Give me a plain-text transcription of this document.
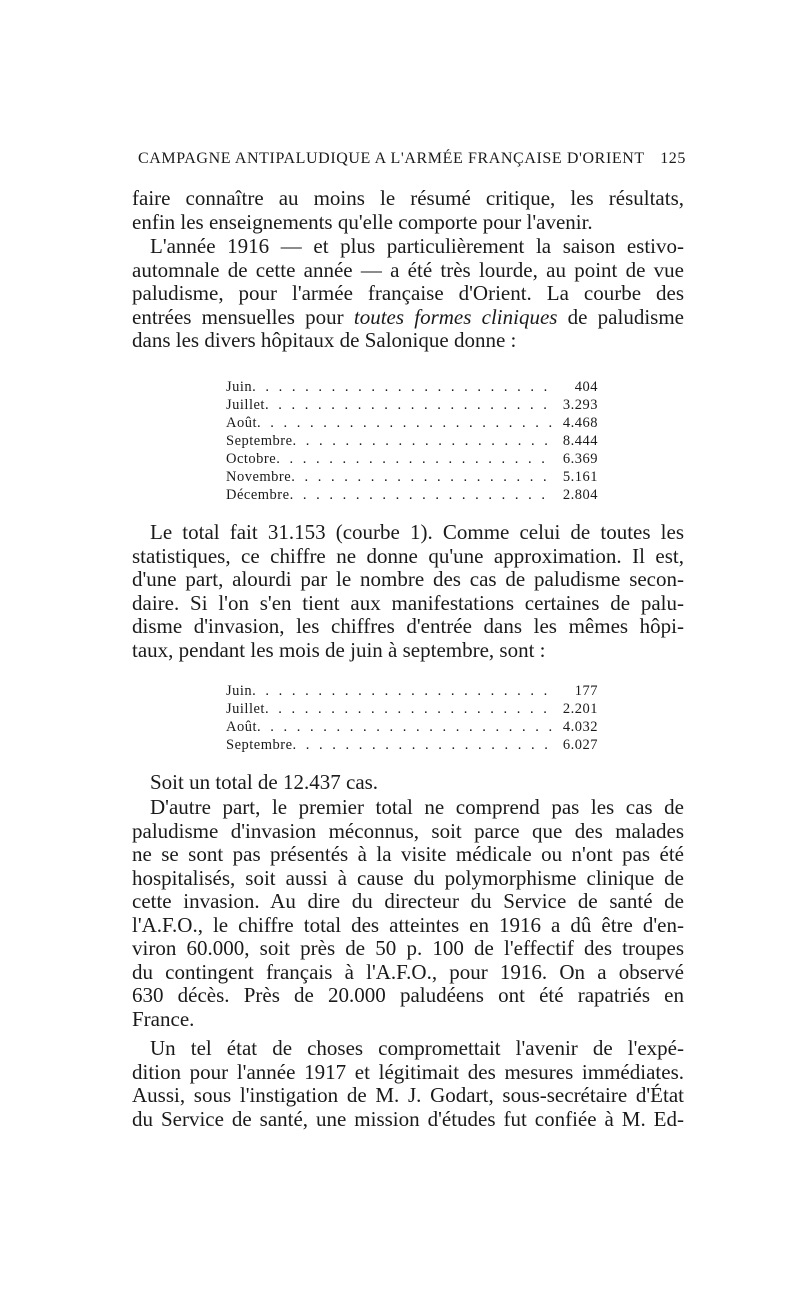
CAMPAGNE ANTIPALUDIQUE A L'ARMÉE FRANÇAISE D'ORIENT 125
faire connaître au moins le résumé critique, les résultats,
enfin les enseignements qu'elle comporte pour l'avenir.
L'année 1916 — et plus particulièrement la saison estivo-
automnale de cette année — a été très lourde, au point de vue
paludisme, pour l'armée française d'Orient. La courbe des
entrées mensuelles pour toutes formes cliniques de paludisme
dans les divers hôpitaux de Salonique donne :
Juin . . .	404
Juillet . . .	3.293
Août . . .	4.468
Septembre . . .	8.444
Octobre . . .	6.369
Novembre . . .	5.161
Décembre . . .	2.804
Le total fait 31.153 (courbe 1). Comme celui de toutes les
statistiques, ce chiffre ne donne qu'une approximation. Il est,
d'une part, alourdi par le nombre des cas de paludisme secon-
daire. Si l'on s'en tient aux manifestations certaines de palu-
disme d'invasion, les chiffres d'entrée dans les mêmes hôpi-
taux, pendant les mois de juin à septembre, sont :
Juin . . .	177
Juillet . . .	2.201
Août . . .	4.032
Septembre . . .	6.027
Soit un total de 12.437 cas.
D'autre part, le premier total ne comprend pas les cas de
paludisme d'invasion méconnus, soit parce que des malades
ne se sont pas présentés à la visite médicale ou n'ont pas été
hospitalisés, soit aussi à cause du polymorphisme clinique de
cette invasion. Au dire du directeur du Service de santé de
l'A.F.O., le chiffre total des atteintes en 1916 a dû être d'en-
viron 60.000, soit près de 50 p. 100 de l'effectif des troupes
du contingent français à l'A.F.O., pour 1916. On a observé
630 décès. Près de 20.000 paludéens ont été rapatriés en
France.
Un tel état de choses compromettait l'avenir de l'expé-
dition pour l'année 1917 et légitimait des mesures immédiates.
Aussi, sous l'instigation de M. J. Godart, sous-secrétaire d'État
du Service de santé, une mission d'études fut confiée à M. Ed-
